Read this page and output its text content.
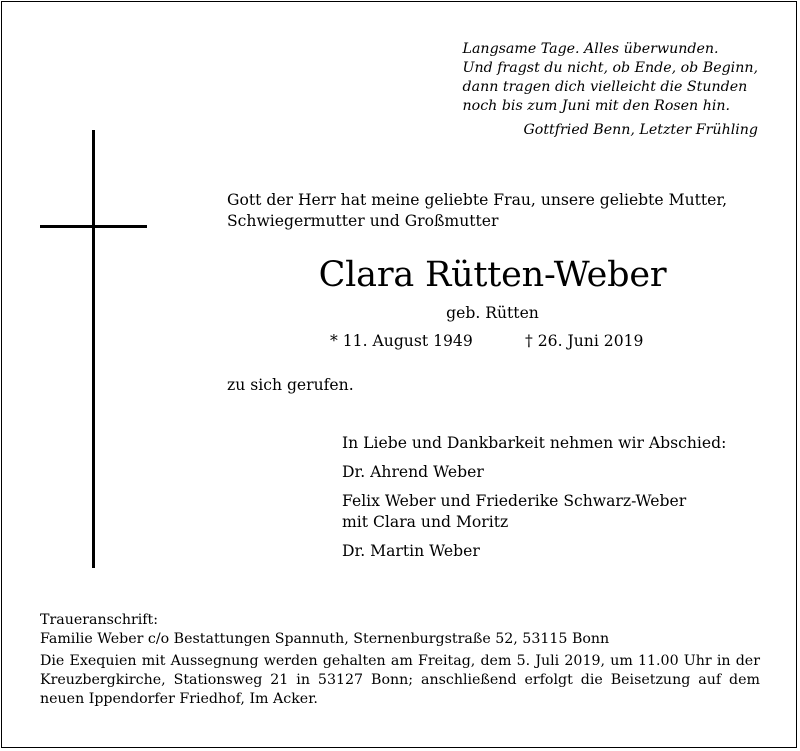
Langsame Tage. Alles überwunden.
Und fragst du nicht, ob Ende, ob Beginn,
dann tragen dich vielleicht die Stunden
noch bis zum Juni mit den Rosen hin.
Gottfried Benn, Letzter Frühling
Gott der Herr hat meine geliebte Frau, unsere geliebte Mutter,
Schwiegermutter und Großmutter
Clara Rütten-Weber
geb. Rütten
* 11. August 1949	† 26. Juni 2019
zu sich gerufen.
In Liebe und Dankbarkeit nehmen wir Abschied:
Dr. Ahrend Weber
Felix Weber und Friederike Schwarz-Weber
mit Clara und Moritz
Dr. Martin Weber
Traueranschrift:
Familie Weber c/o Bestattungen Spannuth, Sternenburgstraße 52, 53115 Bonn
Die Exequien mit Aussegnung werden gehalten am Freitag, dem 5. Juli 2019, um 11.00 Uhr in der Kreuzbergkirche, Stationsweg 21 in 53127 Bonn; anschließend erfolgt die Beisetzung auf dem neuen Ippendorfer Friedhof, Im Acker.
